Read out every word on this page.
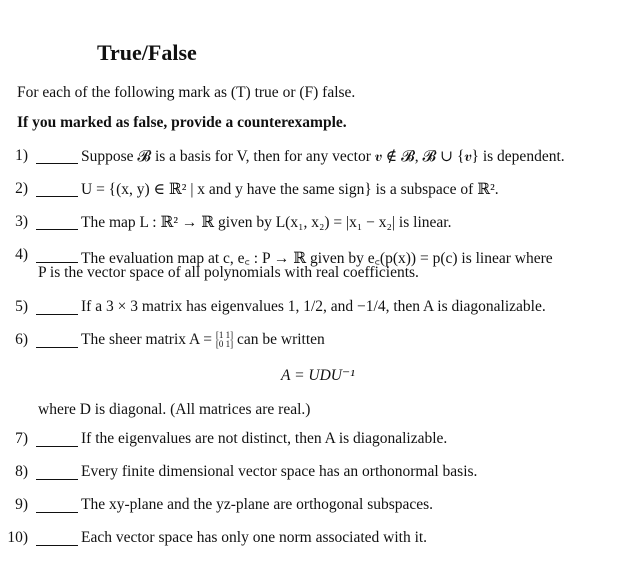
True/False
For each of the following mark as (T) true or (F) false.
If you marked as false, provide a counterexample.
1)	Suppose 𝓑 is a basis for V, then for any vector 𝒗 ∉ 𝓑, 𝓑 ∪ {𝒗} is dependent.
2)	U = {(x, y) ∈ ℝ² | x and y have the same sign} is a subspace of ℝ².
3)	The map L : ℝ² → ℝ given by L(x₁, x₂) = |x₁ − x₂| is linear.
4)	The evaluation map at c, e꜀ : P → ℝ given by e꜀(p(x)) = p(c) is linear where
P is the vector space of all polynomials with real coefficients.
5)	If a 3 × 3 matrix has eigenvalues 1, 1/2, and −1/4, then A is diagonalizable.
6)	The sheer matrix A = [1 1]
[0 1] can be written
A = UDU⁻¹
where D is diagonal. (All matrices are real.)
7)	If the eigenvalues are not distinct, then A is diagonalizable.
8)	Every finite dimensional vector space has an orthonormal basis.
9)	The xy-plane and the yz-plane are orthogonal subspaces.
10)	Each vector space has only one norm associated with it.
